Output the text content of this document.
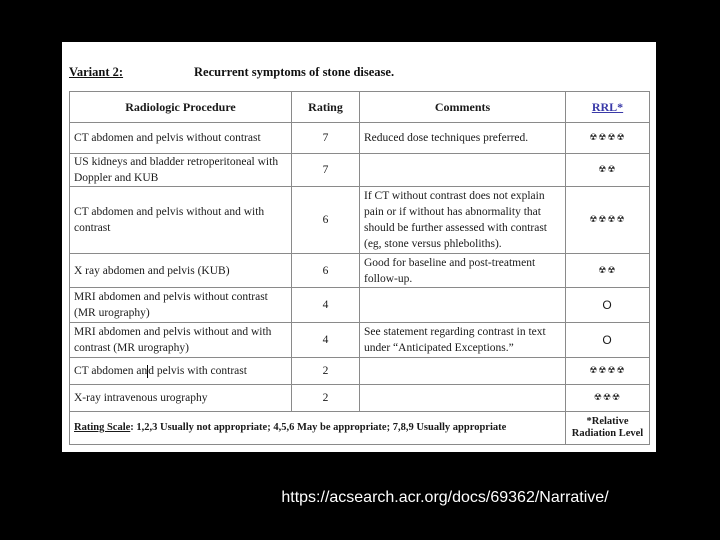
Variant 2:	Recurrent symptoms of stone disease.
Radiologic Procedure	Rating	Comments	RRL*
CT abdomen and pelvis without contrast	7	Reduced dose techniques preferred.	☢☢☢☢
US kidneys and bladder retroperitoneal with Doppler and KUB	7		☢☢
CT abdomen and pelvis without and with contrast	6	If CT without contrast does not explain pain or if without has abnormality that should be further assessed with contrast (eg, stone versus phleboliths).	☢☢☢☢
X ray abdomen and pelvis (KUB)	6	Good for baseline and post-treatment follow-up.	☢☢
MRI abdomen and pelvis without contrast (MR urography)	4		O
MRI abdomen and pelvis without and with contrast (MR urography)	4	See statement regarding contrast in text under “Anticipated Exceptions.”	O
CT abdomen and pelvis with contrast	2		☢☢☢☢
X-ray intravenous urography	2		☢☢☢
Rating Scale: 1,2,3 Usually not appropriate; 4,5,6 May be appropriate; 7,8,9 Usually appropriate			*Relative
Radiation Level
https://acsearch.acr.org/docs/69362/Narrative/
